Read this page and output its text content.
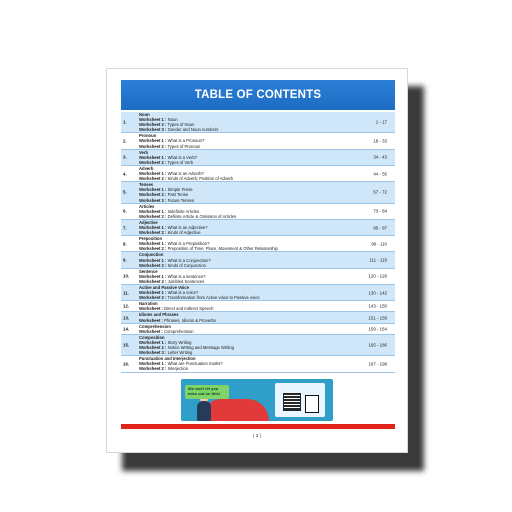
TABLE OF CONTENTS
1.
Noun
Worksheet 1 : Noun
Worksheet 2 : Types of Noun
Worksheet 3 : Gender and Noun numbers
1 - 17
2.
Pronoun
Worksheet 1 : What is a Pronoun?
Worksheet 2 : Types of Pronoun
18 - 33
3.
Verb
Worksheet 1 : What is a Verb?
Worksheet 2 : Types of Verb
34 - 43
4.
Adverb
Worksheet 1 : What is an Adverb?
Worksheet 2 : Kinds of Adverb; Position of Adverb
44 - 56
5.
Tenses
Worksheet 1 : Simple Tense
Worksheet 2 : Past Tense
Worksheet 3 : Future Tenses
57 - 72
6.
Articles
Worksheet 1 : Indefinite Articles
Worksheet 2 : Definite Article & Omission of Articles
73 - 84
7.
Adjective
Worksheet 1 : What is an Adjective?
Worksheet 2 : Kinds of Adjective
85 - 97
8.
Preposition
Worksheet 1 : What is a Preposition?
Worksheet 2 : Preposition of Time, Place, Movement & Other Relationship
98 - 110
9.
Conjunction
Worksheet 1 : What is a Conjunction?
Worksheet 2 : Kinds of Conjunction
111 - 119
10.
Sentence
Worksheet 1 : What is a sentence?
Worksheet 2 : Jumbled Sentences
120 - 129
11.
Active and Passive Voice
Worksheet 1 : What is a voice?
Worksheet 2 : Transformation from Active voice to Passive voice
130 - 142
12.
Narration
Worksheet : Direct and Indirect Speech
143 - 150
13.
Idioms and Phrases
Worksheet : Phrases, Idioms & Proverbs
151 - 158
14.
Comprehension
Worksheet : Comprehension
159 - 164
15.
Composition
Worksheet 1 : Story Writing
Worksheet 2 : Notice Writing and Message Writing
Worksheet 3 : Letter Writing
165 - 186
16.
Punctuation and Interjection
Worksheet 1 : What are Punctuation marks?
Worksheet 2 : Interjection
187 - 198
We can't let you miss out on this!
( 3 )
